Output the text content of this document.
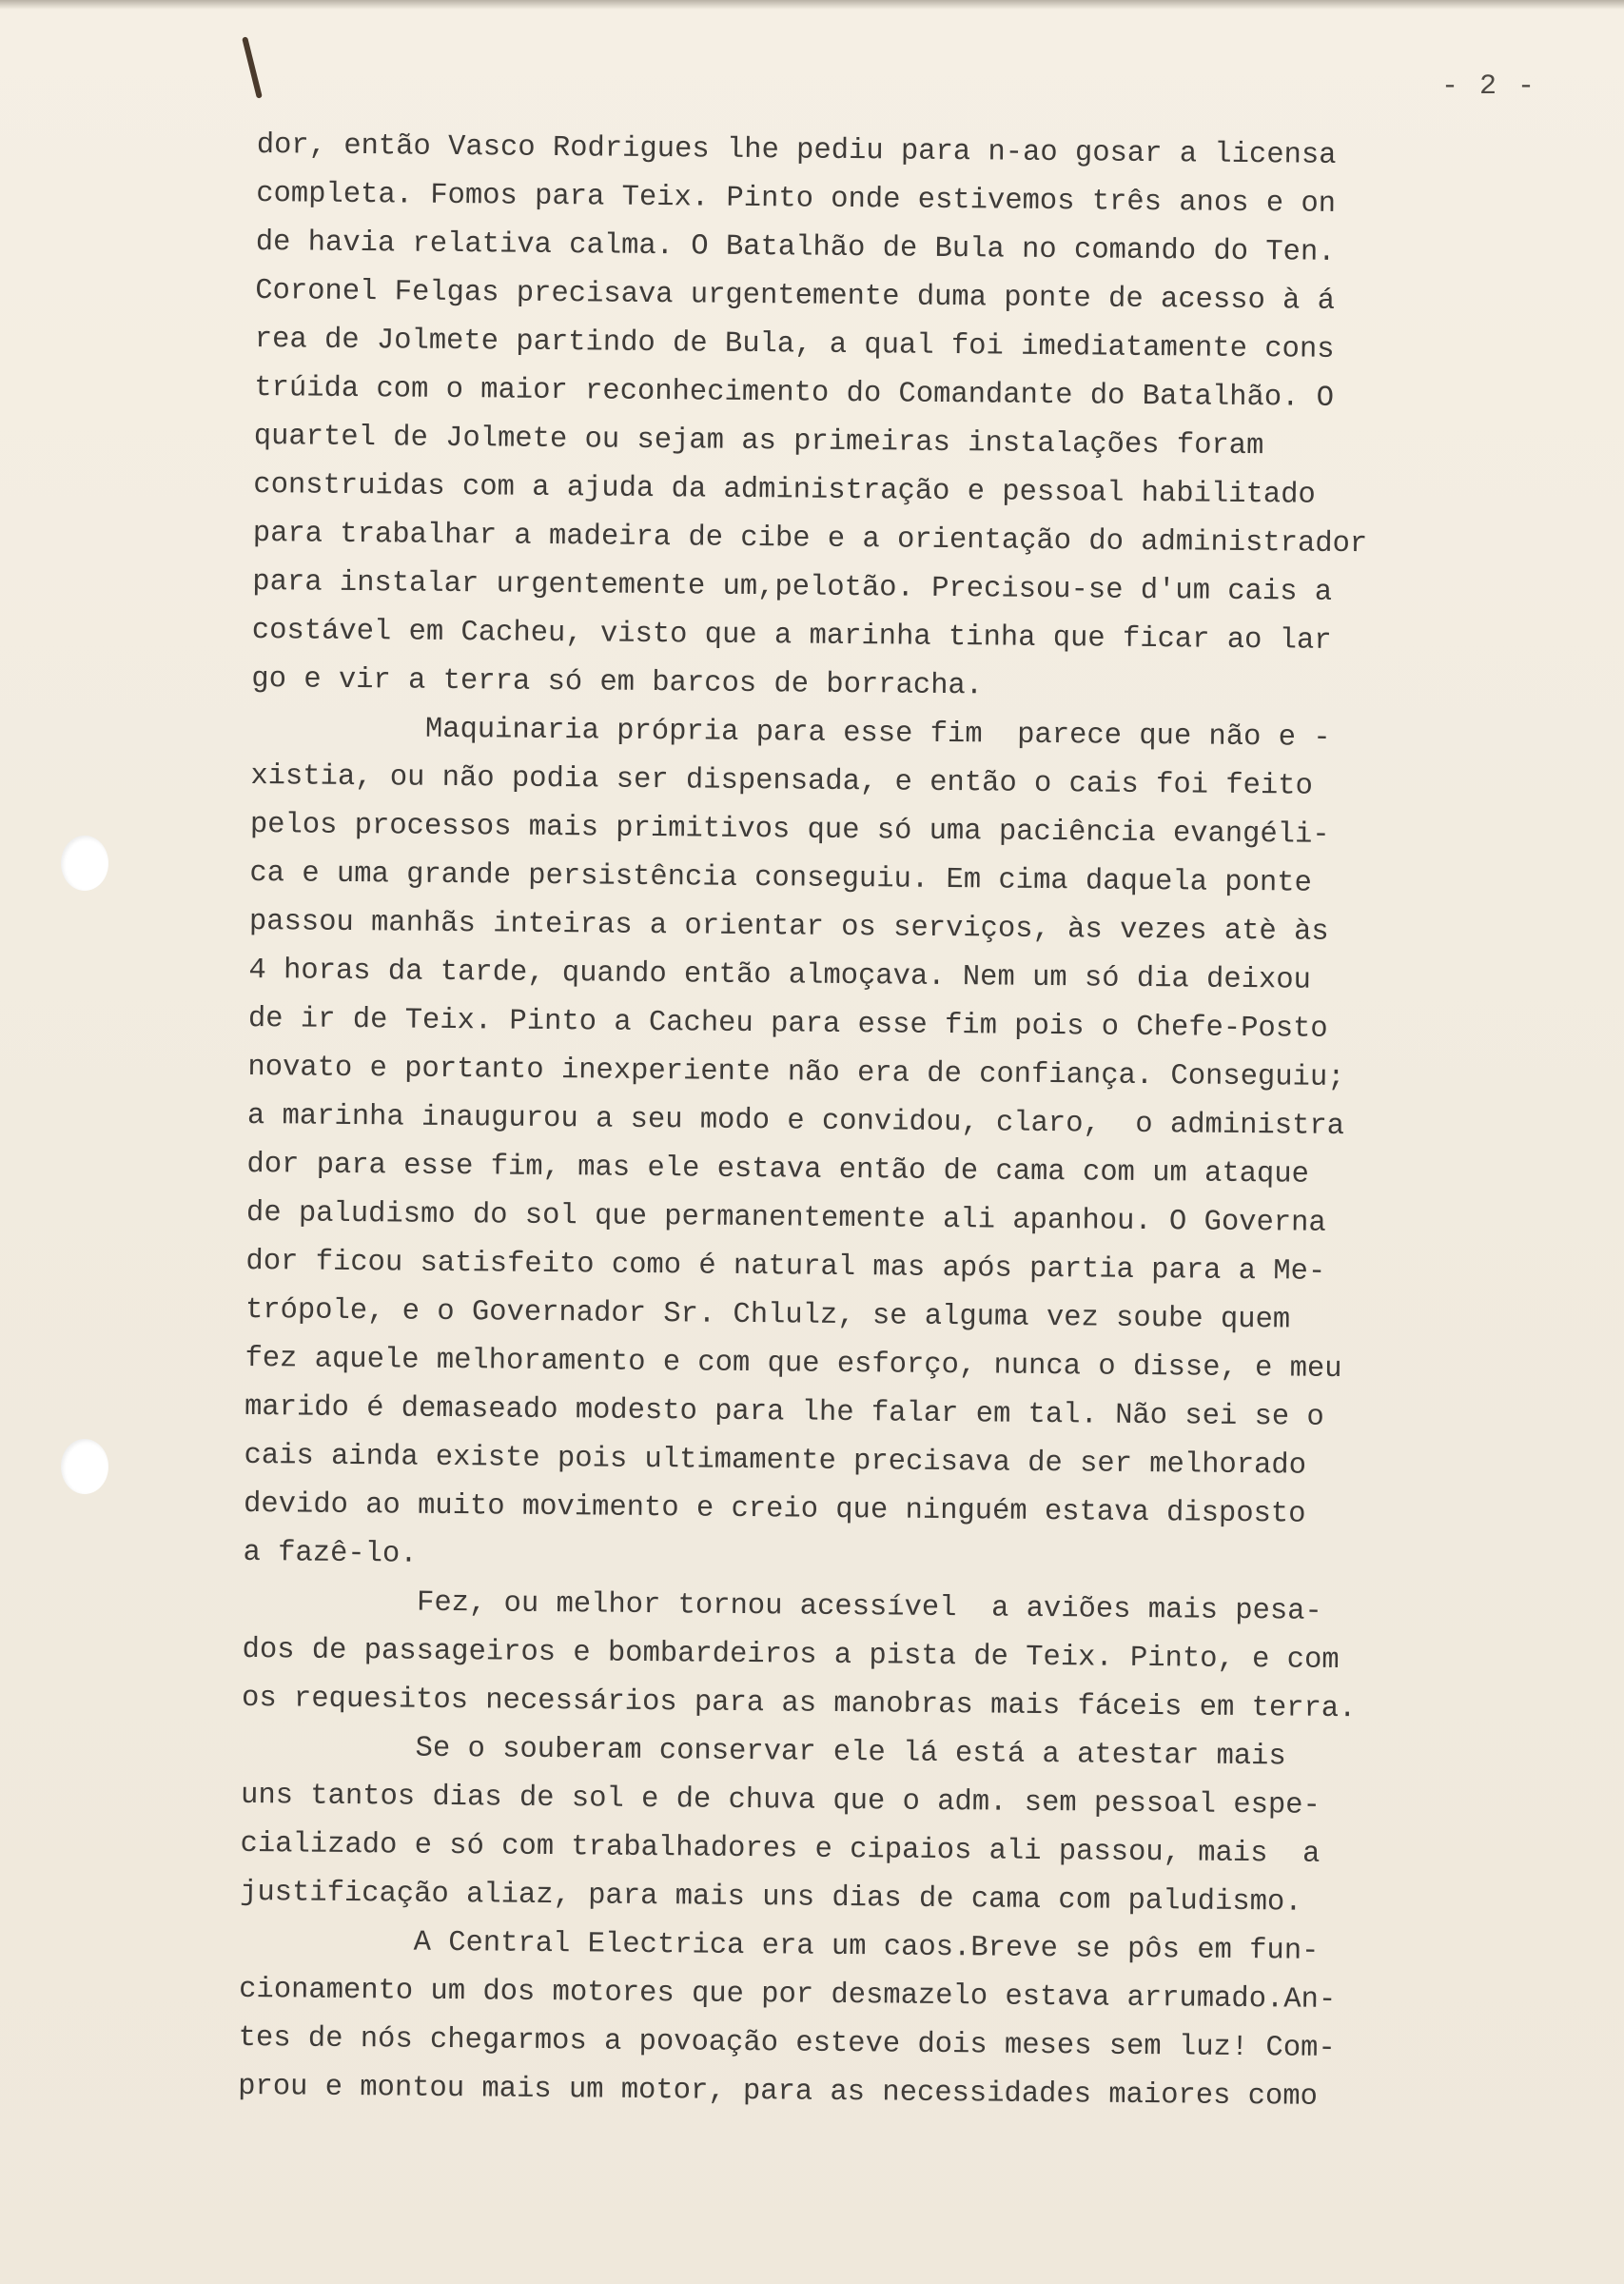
- 2 -
dor, então Vasco Rodrigues lhe pediu para n-ao gosar a licensa
completa. Fomos para Teix. Pinto onde estivemos três anos e on
de havia relativa calma. O Batalhão de Bula no comando do Ten.
Coronel Felgas precisava urgentemente duma ponte de acesso à á
rea de Jolmete partindo de Bula, a qual foi imediatamente cons
trúida com o maior reconhecimento do Comandante do Batalhão. O
quartel de Jolmete ou sejam as primeiras instalações foram
construidas com a ajuda da administração e pessoal habilitado
para trabalhar a madeira de cibe e a orientação do administrador
para instalar urgentemente um,pelotão. Precisou-se d'um cais a
costável em Cacheu, visto que a marinha tinha que ficar ao lar
go e vir a terra só em barcos de borracha.
Maquinaria própria para esse fim  parece que não e -
xistia, ou não podia ser dispensada, e então o cais foi feito
pelos processos mais primitivos que só uma paciência evangéli-
ca e uma grande persistência conseguiu. Em cima daquela ponte
passou manhãs inteiras a orientar os serviços, às vezes atè às
4 horas da tarde, quando então almoçava. Nem um só dia deixou
de ir de Teix. Pinto a Cacheu para esse fim pois o Chefe-Posto
novato e portanto inexperiente não era de confiança. Conseguiu;
a marinha inaugurou a seu modo e convidou, claro,  o administra
dor para esse fim, mas ele estava então de cama com um ataque
de paludismo do sol que permanentemente ali apanhou. O Governa
dor ficou satisfeito como é natural mas após partia para a Me-
trópole, e o Governador Sr. Chlulz, se alguma vez soube quem
fez aquele melhoramento e com que esforço, nunca o disse, e meu
marido é demaseado modesto para lhe falar em tal. Não sei se o
cais ainda existe pois ultimamente precisava de ser melhorado
devido ao muito movimento e creio que ninguém estava disposto
a fazê-lo.
Fez, ou melhor tornou acessível  a aviões mais pesa-
dos de passageiros e bombardeiros a pista de Teix. Pinto, e com
os requesitos necessários para as manobras mais fáceis em terra.
Se o souberam conservar ele lá está a atestar mais
uns tantos dias de sol e de chuva que o adm. sem pessoal espe-
cializado e só com trabalhadores e cipaios ali passou, mais  a
justificação aliaz, para mais uns dias de cama com paludismo.
A Central Electrica era um caos.Breve se pôs em fun-
cionamento um dos motores que por desmazelo estava arrumado.An-
tes de nós chegarmos a povoação esteve dois meses sem luz! Com-
prou e montou mais um motor, para as necessidades maiores como
